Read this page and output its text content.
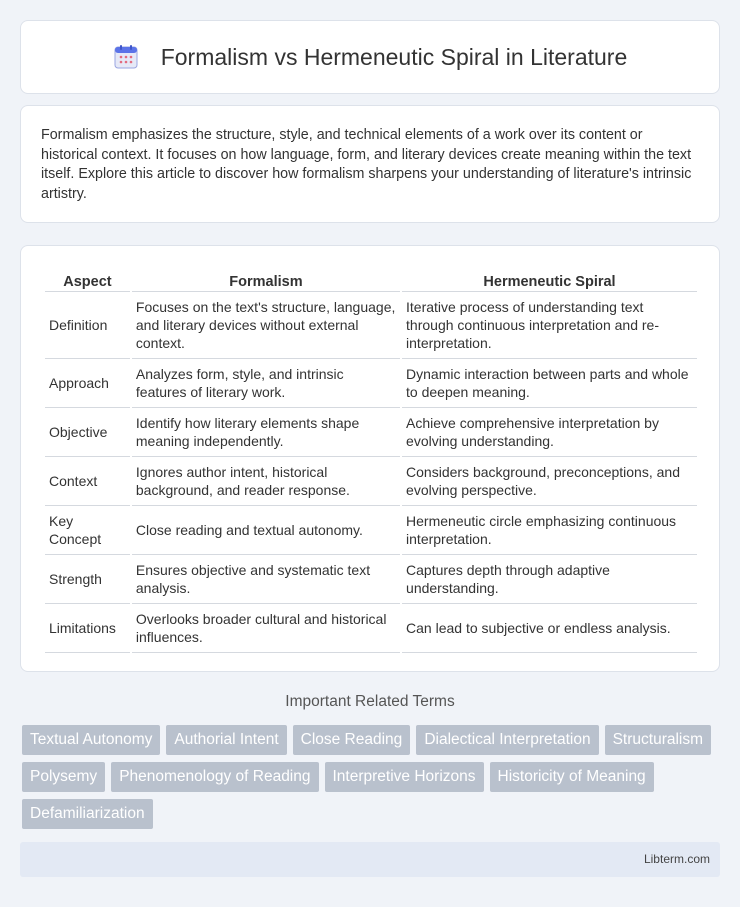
Formalism vs Hermeneutic Spiral in Literature

Formalism emphasizes the structure, style, and technical elements of a work over its content or historical context. It focuses on how language, form, and literary devices create meaning within the text itself. Explore this article to discover how formalism sharpens your understanding of literature's intrinsic artistry.

Aspect	Formalism	Hermeneutic Spiral
Definition	Focuses on the text's structure, language, and literary devices without external context.	Iterative process of understanding text through continuous interpretation and re-interpretation.
Approach	Analyzes form, style, and intrinsic features of literary work.	Dynamic interaction between parts and whole to deepen meaning.
Objective	Identify how literary elements shape meaning independently.	Achieve comprehensive interpretation by evolving understanding.
Context	Ignores author intent, historical background, and reader response.	Considers background, preconceptions, and evolving perspective.
Key Concept	Close reading and textual autonomy.	Hermeneutic circle emphasizing continuous interpretation.
Strength	Ensures objective and systematic text analysis.	Captures depth through adaptive understanding.
Limitations	Overlooks broader cultural and historical influences.	Can lead to subjective or endless analysis.
Important Related Terms
Textual Autonomy	Authorial Intent	Close Reading	Dialectical Interpretation	Structuralism
Polysemy	Phenomenology of Reading	Interpretive Horizons	Historicity of Meaning
Defamiliarization
Libterm.com
